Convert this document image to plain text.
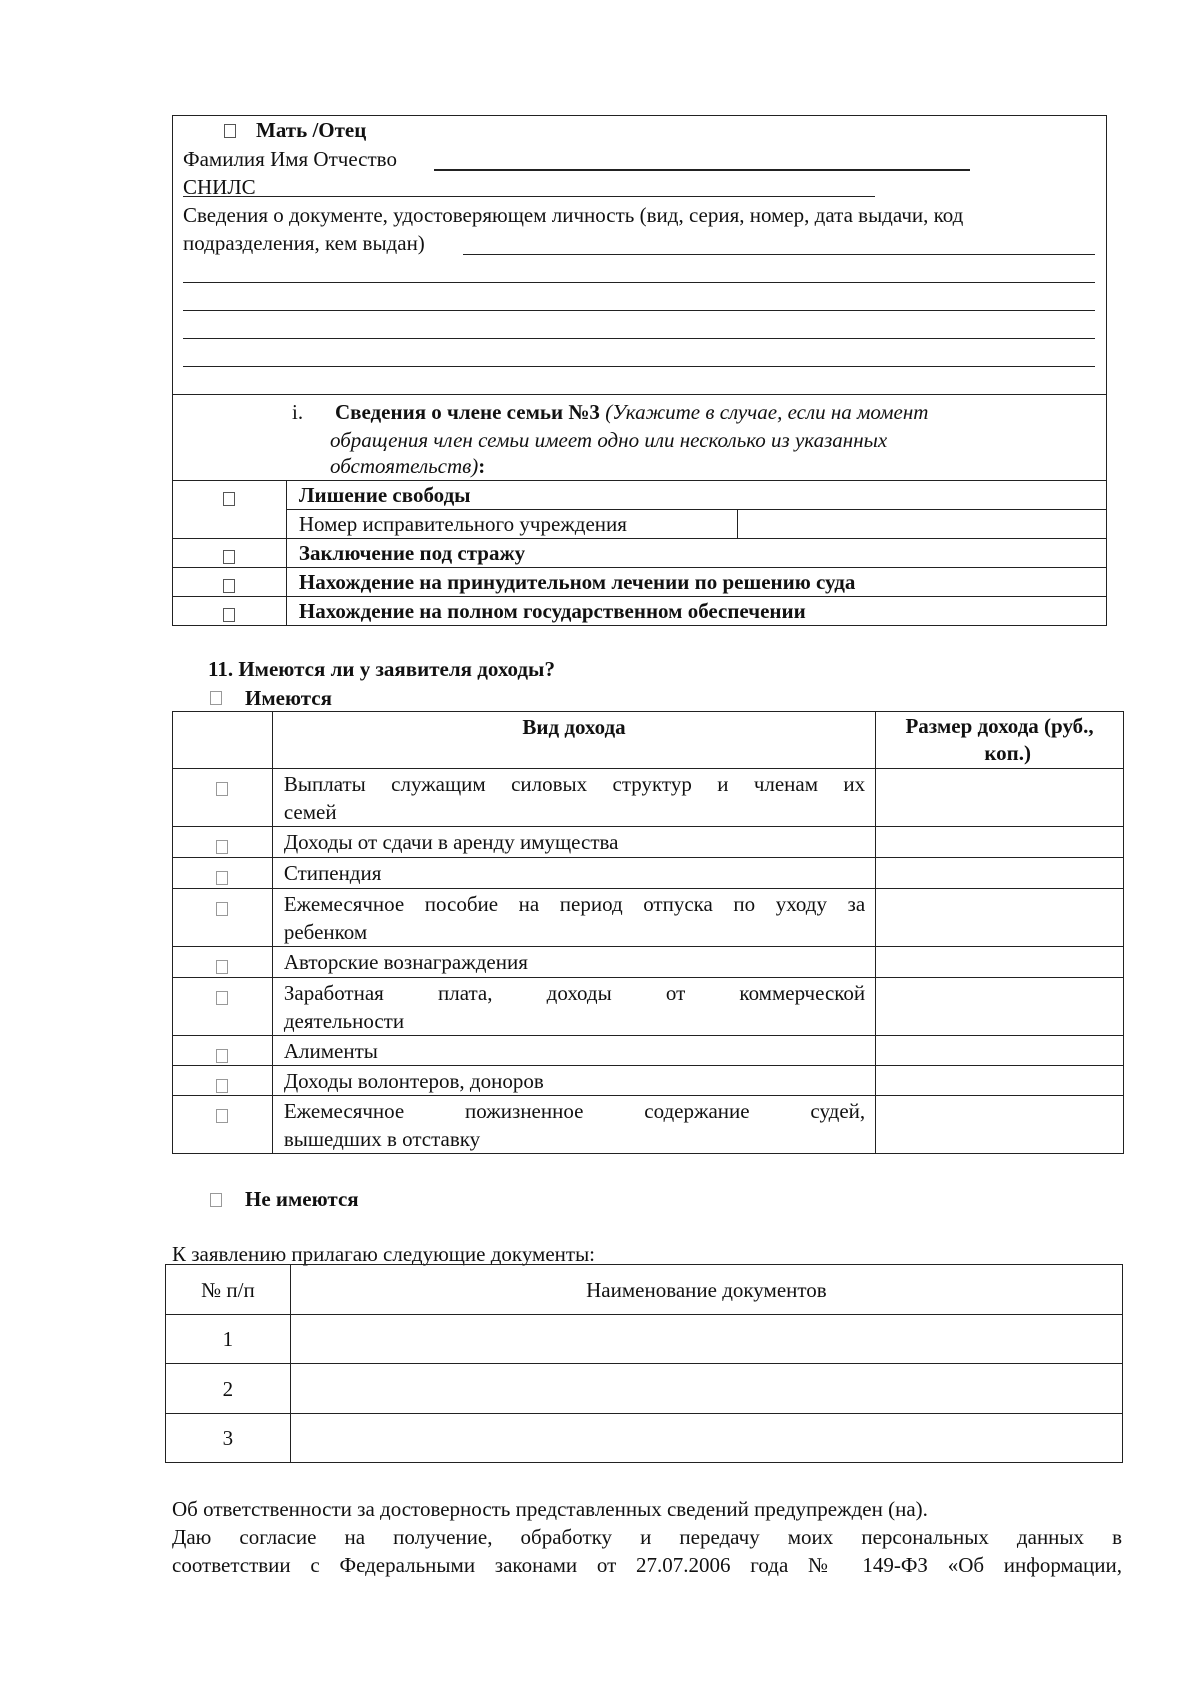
Мать /Отец
Фамилия Имя Отчество
СНИЛС
Сведения о документе, удостоверяющем личность (вид, серия, номер, дата выдачи, код
подразделения, кем выдан)
i. Сведения о члене семьи №3 (Укажите в случае, если на момент
обращения член семьи имеет одно или несколько из указанных
обстоятельств):
	Лишение свободы	
	Номер исправительного учреждения	
	Заключение под стражу	
	Нахождение на принудительном лечении по решению суда	
	Нахождение на полном государственном обеспечении	
11. Имеются ли у заявителя доходы?
Имеются
	Вид дохода	Размер дохода (руб.,
коп.)

	Выплаты служащим силовых структур и членам их
семей	

	Доходы от сдачи в аренду имущества	

	Стипендия	

	Ежемесячное пособие на период отпуска по уходу за
ребенком	

	Авторские вознаграждения	

	Заработная плата, доходы от коммерческой
деятельности	

	Алименты	

	Доходы волонтеров, доноров	

	Ежемесячное пожизненное содержание судей,
вышедших в отставку	

Не имеются
К заявлению прилагаю следующие документы:
№ п/п	Наименование документов
1	
2	
3	
Об ответственности за достоверность представленных сведений предупрежден (на).
Даю согласие на получение, обработку и передачу моих персональных данных в
соответствии с Федеральными законами от 27.07.2006 года № 149-ФЗ «Об информации,
